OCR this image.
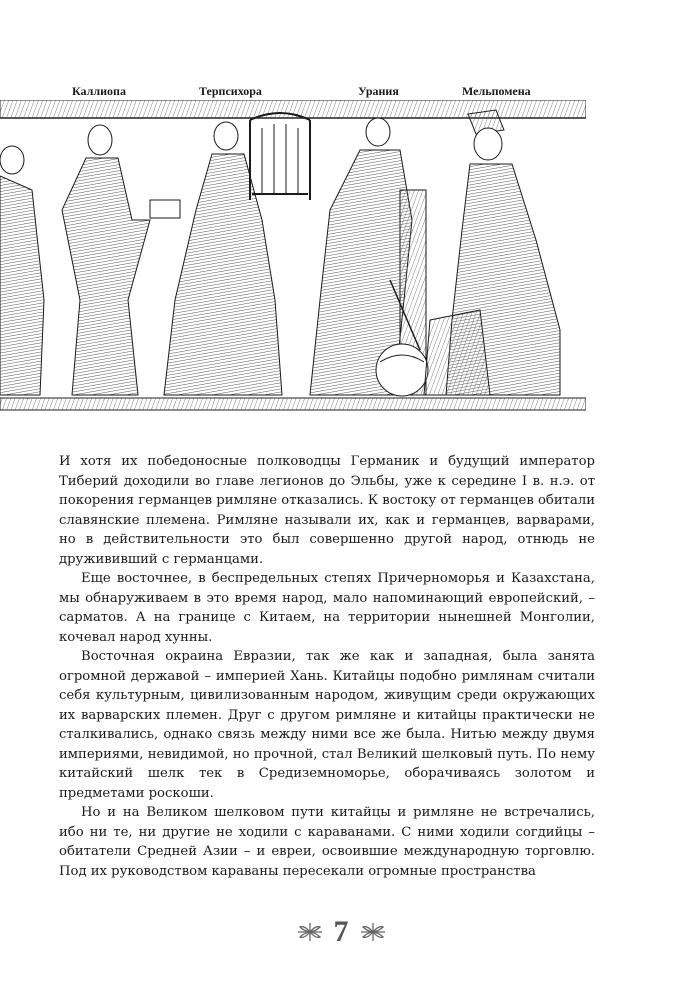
Каллиопа	Терпсихора	Урания	Мельпомена

И хотя их победоносные полководцы Германик и будущий император Тиберий доходили во главе легионов до Эльбы, уже к середине I в. н.э. от покорения германцев римляне отказались. К востоку от германцев обитали славянские племена. Римляне называли их, как и германцев, варварами, но в действительности это был совершенно другой народ, отнюдь не дружививший с германцами.

Еще восточнее, в беспредельных степях Причерноморья и Казахстана, мы обнаруживаем в это время народ, мало напоминающий европейский, – сарматов. А на границе с Китаем, на территории нынешней Монголии, кочевал народ хунны.

Восточная окраина Евразии, так же как и западная, была занята огромной державой – империей Хань. Китайцы подобно римлянам считали себя культурным, цивилизованным народом, живущим среди окружающих их варварских племен. Друг с другом римляне и китайцы практически не сталкивались, однако связь между ними все же была. Нитью между двумя империями, невидимой, но прочной, стал Великий шелковый путь. По нему китайский шелк тек в Средиземноморье, оборачиваясь золотом и предметами роскоши.

Но и на Великом шелковом пути китайцы и римляне не встречались, ибо ни те, ни другие не ходили с караванами. С ними ходили согдийцы – обитатели Средней Азии – и евреи, освоившие международную торговлю. Под их руководством караваны пересекали огромные пространства

7
